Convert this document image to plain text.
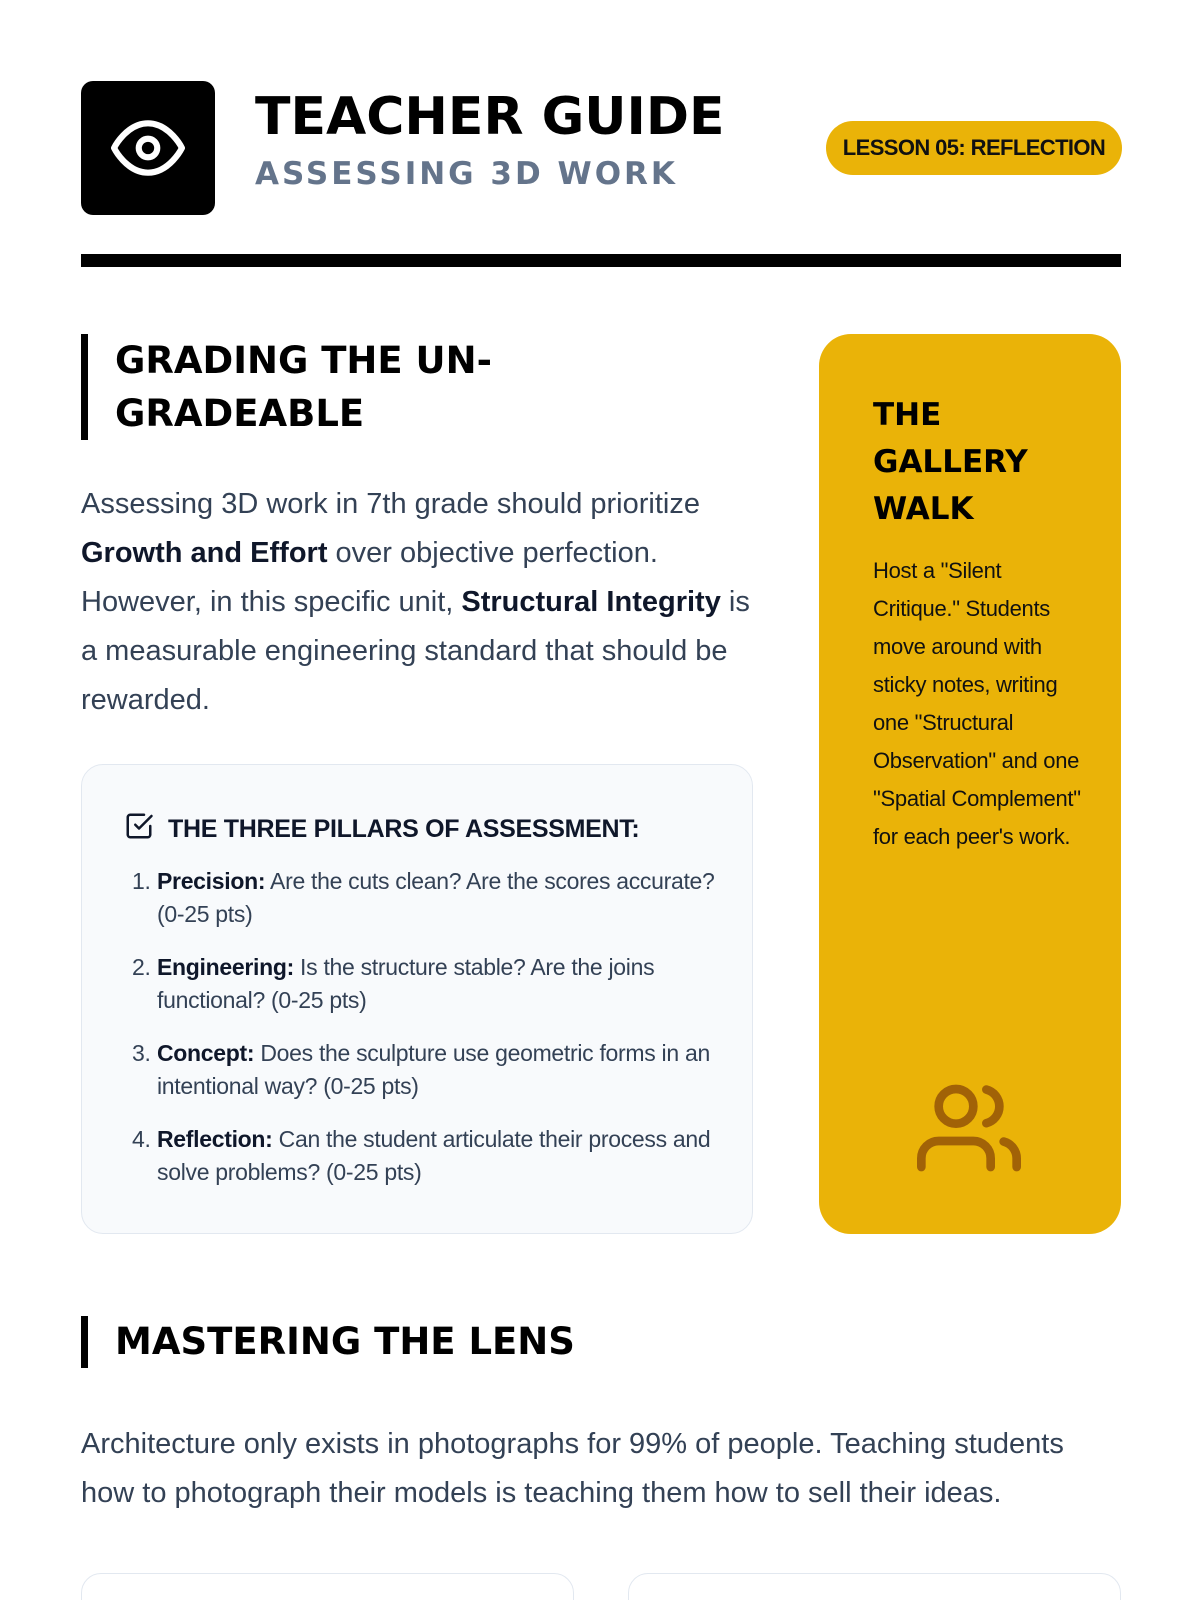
TEACHER GUIDE
ASSESSING 3D WORK
LESSON 05: REFLECTION
GRADING THE UN-GRADEABLE

Assessing 3D work in 7th grade should prioritize Growth and Effort over objective perfection. However, in this specific unit, Structural Integrity is a measurable engineering standard that should be rewarded.

THE THREE PILLARS OF ASSESSMENT:
1. Precision: Are the cuts clean? Are the scores accurate? (0-25 pts)
2. Engineering: Is the structure stable? Are the joins functional? (0-25 pts)
3. Concept: Does the sculpture use geometric forms in an intentional way? (0-25 pts)
4. Reflection: Can the student articulate their process and solve problems? (0-25 pts)
THE GALLERY WALK
Host a "Silent Critique." Students move around with sticky notes, writing one "Structural Observation" and one "Spatial Complement" for each peer's work.
MASTERING THE LENS

Architecture only exists in photographs for 99% of people. Teaching students how to photograph their models is teaching them how to sell their ideas.
